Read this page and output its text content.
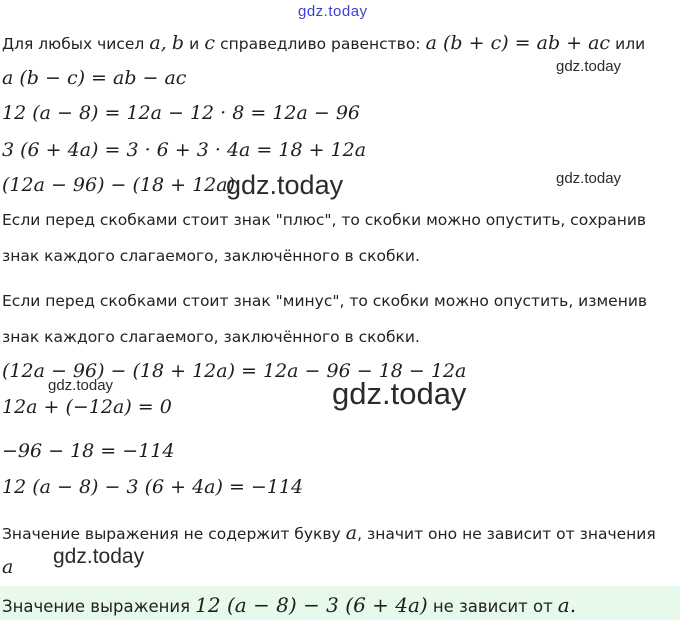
gdz.today
gdz.today
gdz.today
gdz.today
gdz.today	gdz.today
gdz.today
Для любых чисел a, b и c справедливо равенство: a (b + c) = ab + ac или
a (b − c) = ab − ac
12 (a − 8) = 12a − 12 · 8 = 12a − 96
3 (6 + 4a) = 3 · 6 + 3 · 4a = 18 + 12a
(12a − 96) − (18 + 12a)
Если перед скобками стоит знак "плюс", то скобки можно опустить, сохранив
знак каждого слагаемого, заключённого в скобки.
Если перед скобками стоит знак "минус", то скобки можно опустить, изменив
знак каждого слагаемого, заключённого в скобки.
(12a − 96) − (18 + 12a) = 12a − 96 − 18 − 12a
12a + (−12a) = 0
−96 − 18 = −114
12 (a − 8) − 3 (6 + 4a) = −114
Значение выражения не содержит букву a, значит оно не зависит от значения
a
Значение выражения 12 (a − 8) − 3 (6 + 4a) не зависит от a.
